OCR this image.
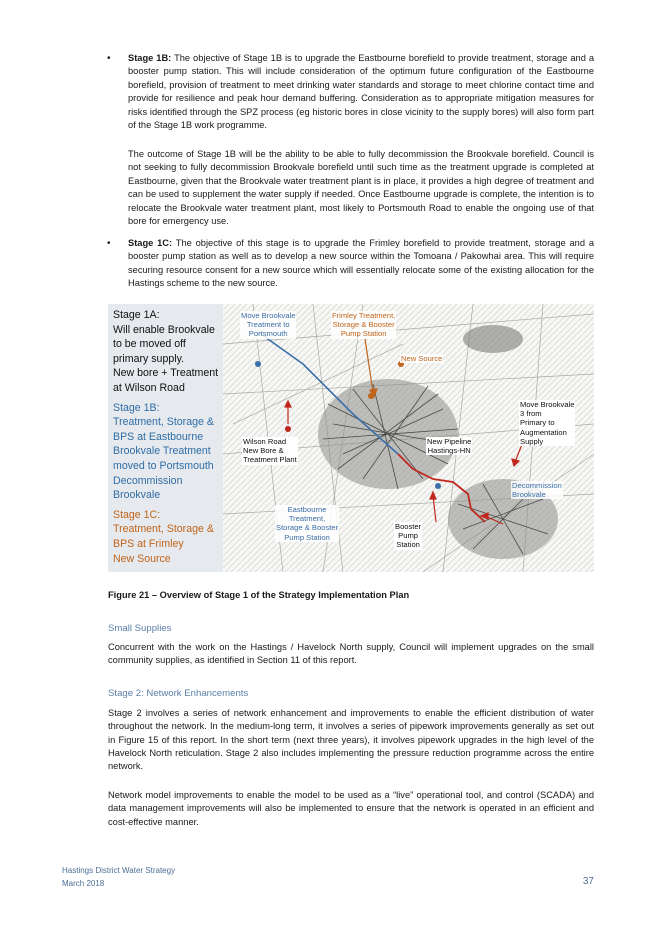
• Stage 1B: The objective of Stage 1B is to upgrade the Eastbourne borefield to provide treatment, storage and a booster pump station. This will include consideration of the optimum future configuration of the Eastbourne borefield, provision of treatment to meet drinking water standards and storage to meet chlorine contact time and provide for resilience and peak hour demand buffering. Consideration as to appropriate mitigation measures for risks identified through the SPZ process (eg historic bores in close vicinity to the supply bores) will also form part of the Stage 1B work programme.

The outcome of Stage 1B will be the ability to be able to fully decommission the Brookvale borefield. Council is not seeking to fully decommission Brookvale borefield until such time as the treatment upgrade is completed at Eastbourne, given that the Brookvale water treatment plant is in place, it provides a high degree of treatment and can be used to supplement the water supply if needed. Once Eastbourne upgrade is complete, the intention is to relocate the Brookvale water treatment plant, most likely to Portsmouth Road to enable the ongoing use of that bore for emergency use.

• Stage 1C: The objective of this stage is to upgrade the Frimley borefield to provide treatment, storage and a booster pump station as well as to develop a new source within the Tomoana / Pakowhai area. This will require securing resource consent for a new source which will essentially relocate some of the existing allocation for the Hastings scheme to the new source.

Stage 1A:
Will enable Brookvale
to be moved off
primary supply.
New bore + Treatment
at Wilson Road
Stage 1B:
Treatment, Storage &
BPS at Eastbourne
Brookvale Treatment
moved to Portsmouth
Decommission
Brookvale
Stage 1C:
Treatment, Storage &
BPS at Frimley
New Source
Move Brookvale
Treatment to
Portsmouth
Frimley Treatment,
Storage & Booster
Pump Station
New Source
Move Brookvale
3 from
Primary to
Augmentation
Supply
Wilson Road
New Bore &
Treatment Plant
New Pipeline
Hastings-HN
Decommission
Brookvale
Eastbourne
Treatment,
Storage & Booster
Pump Station
Booster
Pump
Station
Figure 21 – Overview of Stage 1 of the Strategy Implementation Plan
Small Supplies

Concurrent with the work on the Hastings / Havelock North supply, Council will implement upgrades on the small community supplies, as identified in Section 11 of this report.

Stage 2: Network Enhancements

Stage 2 involves a series of network enhancement and improvements to enable the efficient distribution of water throughout the network. In the medium-long term, it involves a series of pipework improvements generally as set out in Figure 15 of this report. In the short term (next three years), it involves pipework upgrades in the high level of the Havelock North reticulation. Stage 2 also includes implementing the pressure reduction programme across the entire network.

Network model improvements to enable the model to be used as a “live” operational tool, and control (SCADA) and data management improvements will also be implemented to ensure that the network is operated in an efficient and cost-effective manner.

Hastings District Water Strategy
March 2018	37
